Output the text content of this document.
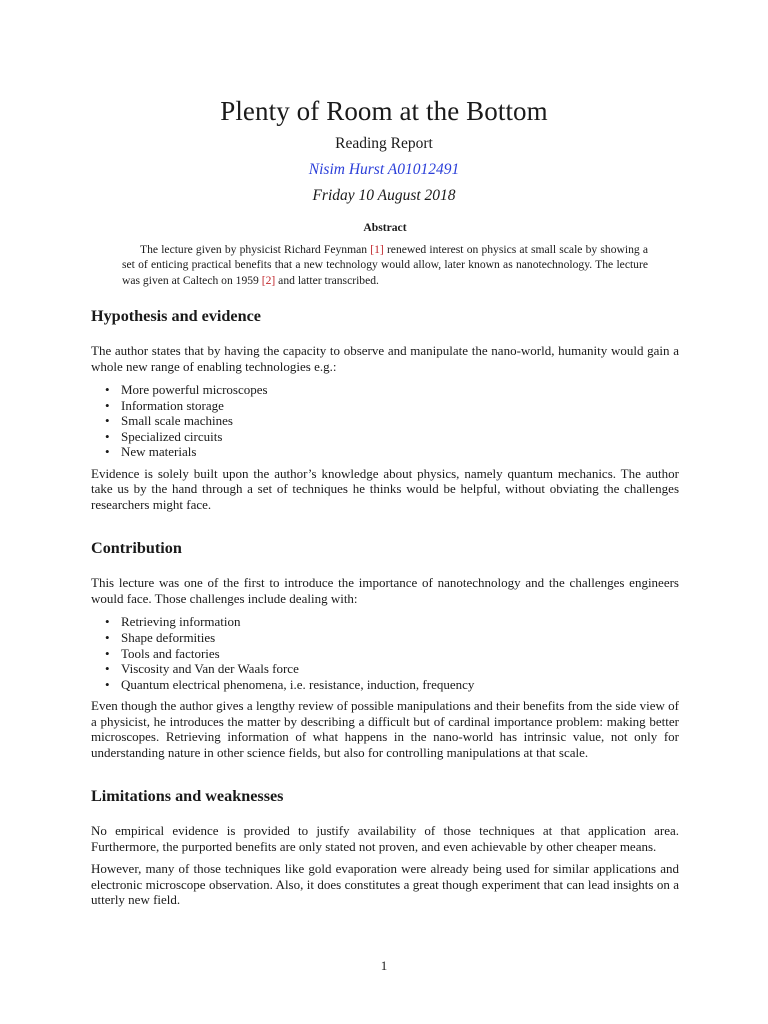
Plenty of Room at the Bottom
Reading Report
Nisim Hurst A01012491
Friday 10 August 2018
Abstract

The lecture given by physicist Richard Feynman [1] renewed interest on physics at small scale by showing a set of enticing practical benefits that a new technology would allow, later known as nanotechnology. The lecture was given at Caltech on 1959 [2] and latter transcribed.

Hypothesis and evidence

The author states that by having the capacity to observe and manipulate the nano-world, humanity would gain a whole new range of enabling technologies e.g.:

• More powerful microscopes
• Information storage
• Small scale machines
• Specialized circuits
• New materials

Evidence is solely built upon the author’s knowledge about physics, namely quantum mechanics. The author take us by the hand through a set of techniques he thinks would be helpful, without obviating the challenges researchers might face.

Contribution

This lecture was one of the first to introduce the importance of nanotechnology and the challenges engineers would face. Those challenges include dealing with:

• Retrieving information
• Shape deformities
• Tools and factories
• Viscosity and Van der Waals force
• Quantum electrical phenomena, i.e. resistance, induction, frequency

Even though the author gives a lengthy review of possible manipulations and their benefits from the side view of a physicist, he introduces the matter by describing a difficult but of cardinal importance problem: making better microscopes. Retrieving information of what happens in the nano-world has intrinsic value, not only for understanding nature in other science fields, but also for controlling manipulations at that scale.

Limitations and weaknesses

No empirical evidence is provided to justify availability of those techniques at that application area. Furthermore, the purported benefits are only stated not proven, and even achievable by other cheaper means.

However, many of those techniques like gold evaporation were already being used for similar applications and electronic microscope observation. Also, it does constitutes a great though experiment that can lead insights on a utterly new field.

1
